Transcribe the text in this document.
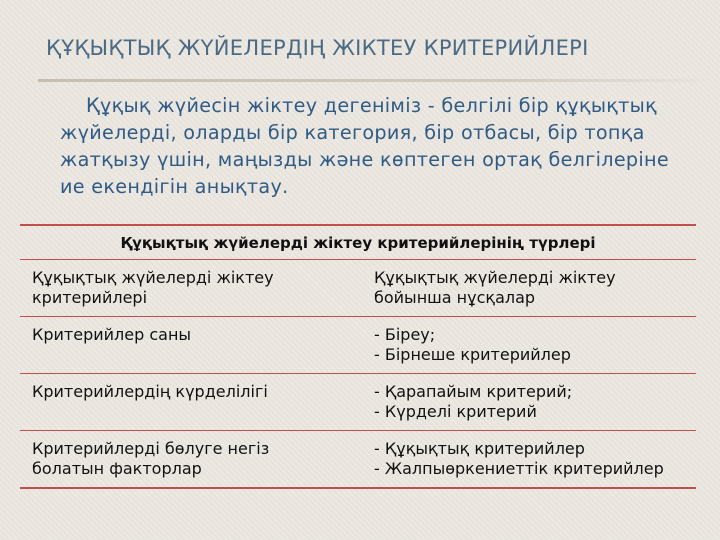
ҚҰҚЫҚТЫҚ ЖҮЙЕЛЕРДІҢ ЖІКТЕУ КРИТЕРИЙЛЕРІ

Құқық жүйесін жіктеу дегеніміз - белгілі бір құқықтық жүйелерді, оларды бір категория, бір отбасы, бір топқа жатқызу үшін, маңызды және көптеген ортақ белгілеріне ие екендігін анықтау.

Құқықтық жүйелерді жіктеу критерийлерінің түрлері	
Құқықтық жүйелерді жіктеу критерийлері	Құқықтық жүйелерді жіктеу бойынша нұсқалар

Критерийлер саны	- Біреу;
- Бірнеше критерийлер

Критерийлердің күрделілігі	- Қарапайым критерий;
- Күрделі критерий

Критерийлерді бөлуге негіз болатын факторлар	- Құқықтық критерийлер
- Жалпыөркениеттік критерийлер
